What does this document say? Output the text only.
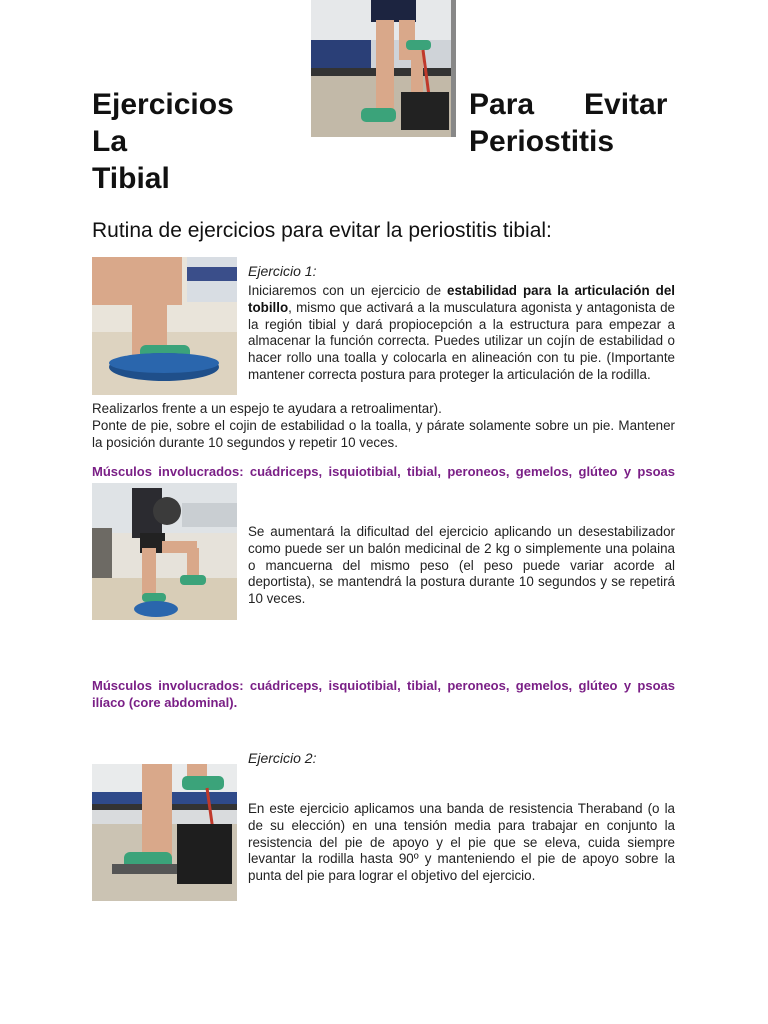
Ejercicios
La
Tibial
Para Evitar
Periostitis
Rutina de ejercicios para evitar la periostitis tibial:
Ejercicio 1:
Iniciaremos con un ejercicio de estabilidad para la articulación del tobillo, mismo que activará a la musculatura agonista y antagonista de la región tibial y dará propiocepción a la estructura para empezar a almacenar la función correcta. Puedes utilizar un cojín de estabilidad o hacer rollo una toalla y colocarla en alineación con tu pie. (Importante mantener correcta postura para proteger la articulación de la rodilla.
Realizarlos frente a un espejo te ayudara a retroalimentar).
Ponte de pie, sobre el cojin de estabilidad o la toalla, y párate solamente sobre un pie. Mantener la posición durante 10 segundos y repetir 10 veces.
Músculos involucrados: cuádriceps, isquiotibial, tibial, peroneos, gemelos, glúteo y psoas
Se aumentará la dificultad del ejercicio aplicando un desestabilizador como puede ser un balón medicinal de 2 kg o simplemente una polaina o mancuerna del mismo peso (el peso puede variar acorde al deportista), se mantendrá la postura durante 10 segundos y se repetirá 10 veces.
Músculos involucrados: cuádriceps, isquiotibial, tibial, peroneos, gemelos, glúteo y psoas ilíaco (core abdominal).
Ejercicio 2:
En este ejercicio aplicamos una banda de resistencia Theraband (o la de su elección) en una tensión media para trabajar en conjunto la resistencia del pie de apoyo y el pie que se eleva, cuida siempre levantar la rodilla hasta 90º y manteniendo el pie de apoyo sobre la punta del pie para lograr el objetivo del ejercicio.
